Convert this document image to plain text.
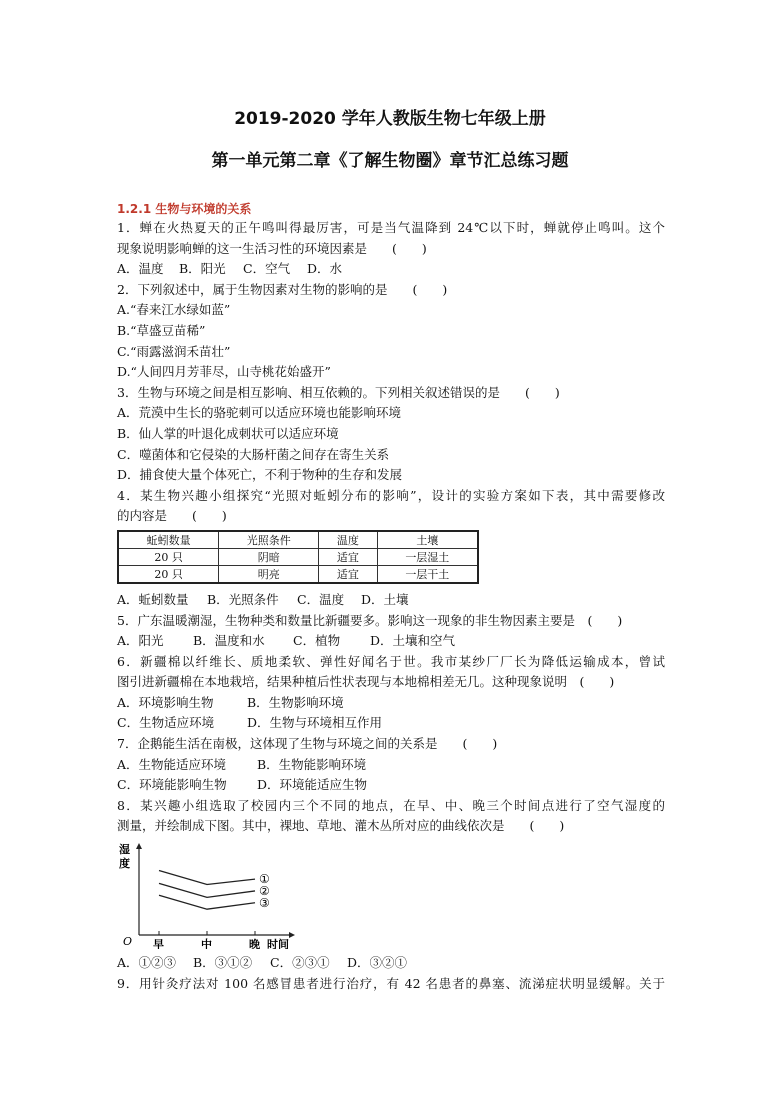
2019-2020 学年人教版生物七年级上册
第一单元第二章《了解生物圈》章节汇总练习题
1.2.1 生物与环境的关系
1．蝉在火热夏天的正午鸣叫得最厉害，可是当气温降到 24℃以下时，蝉就停止鸣叫。这个
现象说明影响蝉的这一生活习性的环境因素是　　(　　)
A．温度 B．阳光 C．空气 D．水
2．下列叙述中，属于生物因素对生物的影响的是　　(　　)
A.“春来江水绿如蓝”
B.“草盛豆苗稀”
C.“雨露滋润禾苗壮”
D.“人间四月芳菲尽，山寺桃花始盛开”
3．生物与环境之间是相互影响、相互依赖的。下列相关叙述错误的是　　(　　)
A．荒漠中生长的骆驼刺可以适应环境也能影响环境
B．仙人掌的叶退化成刺状可以适应环境
C．噬菌体和它侵染的大肠杆菌之间存在寄生关系
D．捕食使大量个体死亡，不利于物种的生存和发展
4．某生物兴趣小组探究“光照对蚯蚓分布的影响”，设计的实验方案如下表，其中需要修改
的内容是　　(　　)
蚯蚓数量	光照条件	温度	土壤
20 只	阴暗	适宜	一层湿土
20 只	明亮	适宜	一层干土
A．蚯蚓数量 B．光照条件 C．温度 D．土壤
5．广东温暖潮湿，生物种类和数量比新疆要多。影响这一现象的非生物因素主要是　(　　)
A．阳光 B．温度和水 C．植物 D．土壤和空气
6．新疆棉以纤维长、质地柔软、弹性好闻名于世。我市某纱厂厂长为降低运输成本，曾试
图引进新疆棉在本地栽培，结果种植后性状表现与本地棉相差无几。这种现象说明　(　　)
A．环境影响生物	B．生物影响环境
C．生物适应环境	D．生物与环境相互作用
7．企鹅能生活在南极，这体现了生物与环境之间的关系是　　(　　)
A．生物能适应环境 B．生物能影响环境
C．环境能影响生物 D．环境能适应生物
8．某兴趣小组选取了校园内三个不同的地点，在早、中、晚三个时间点进行了空气湿度的
测量，并绘制成下图。其中，裸地、草地、灌木丛所对应的曲线依次是　　(　　)
O
湿
度
早	中	晚 时间
①
②
③
A．①②③ B．③①② C．②③① D．③②①
9．用针灸疗法对 100 名感冒患者进行治疗，有 42 名患者的鼻塞、流涕症状明显缓解。关于
